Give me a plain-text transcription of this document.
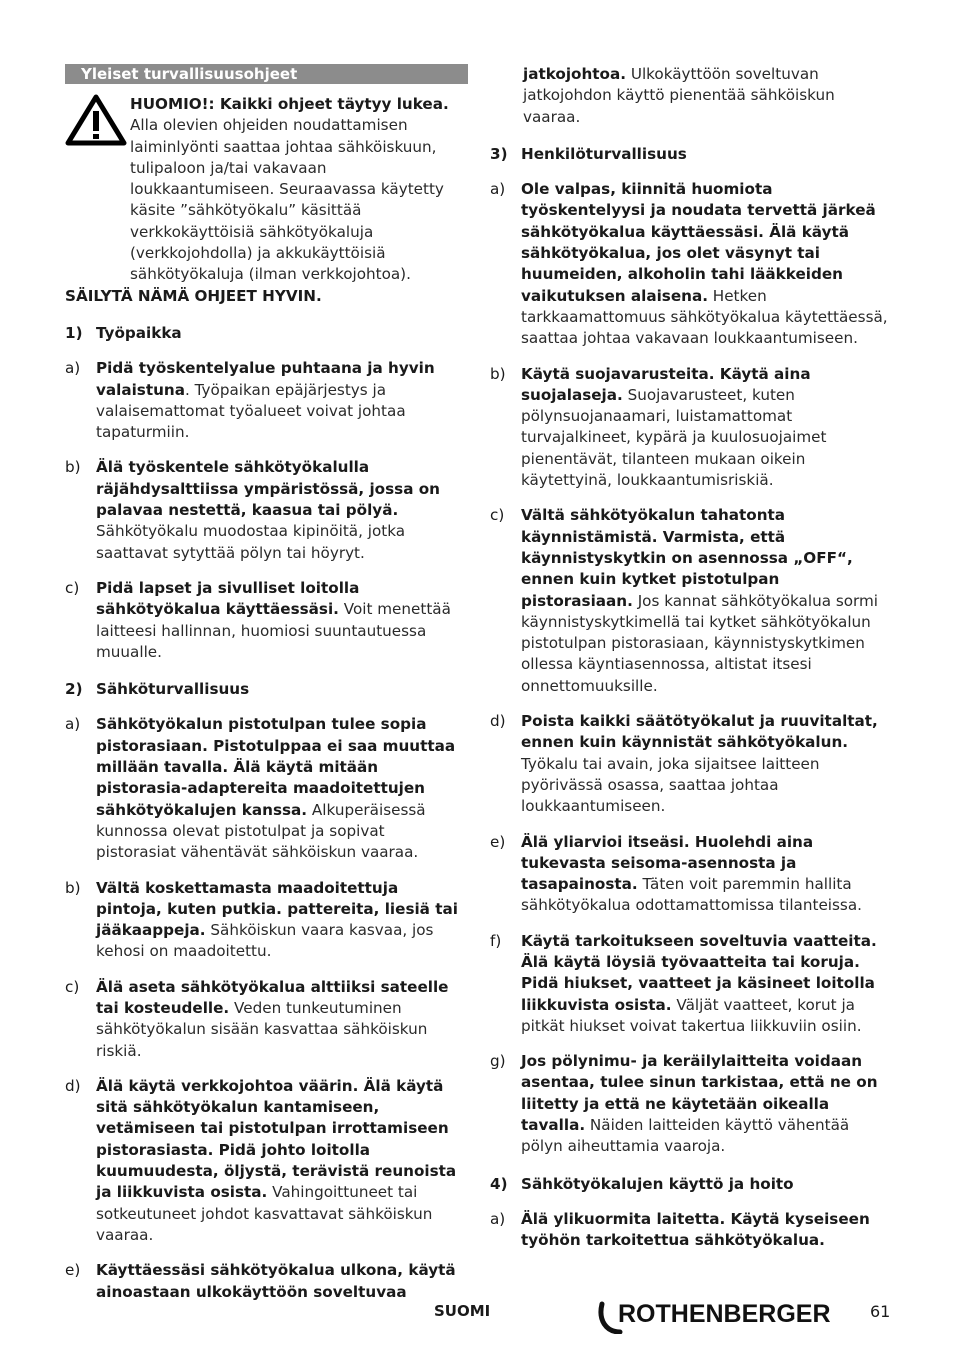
Yleiset turvallisuusohjeet
HUOMIO!: Kaikki ohjeet täytyy lukea. Alla olevien ohjeiden noudattamisen laiminlyönti saattaa johtaa sähköiskuun, tulipaloon ja/tai vakavaan loukkaantumiseen. Seuraavassa käytetty käsite ”sähkötyökalu” käsittää verkkokäyttöisiä sähkötyökaluja (verkkojohdolla) ja akkukäyttöisiä sähkötyökaluja (ilman verkkojohtoa).

SÄILYTÄ NÄMÄ OHJEET HYVIN.

1) Työpaikka
a)	Pidä työskentelyalue puhtaana ja hyvin valaistuna. Työpaikan epäjärjestys ja valaisemattomat työalueet voivat johtaa tapaturmiin.
b)	Älä työskentele sähkötyökalulla räjähdysalttiissa ympäristössä, jossa on palavaa nestettä, kaasua tai pölyä. Sähkötyökalu muodostaa kipinöitä, jotka saattavat sytyttää pölyn tai höyryt.
c)	Pidä lapset ja sivulliset loitolla sähkötyökalua käyttäessäsi. Voit menettää laitteesi hallinnan, huomiosi suuntautuessa muualle.
2) Sähköturvallisuus
a)	Sähkötyökalun pistotulpan tulee sopia pistorasiaan. Pistotulppaa ei saa muuttaa millään tavalla. Älä käytä mitään pistorasia-adaptereita maadoitettujen sähkötyökalujen kanssa. Alkuperäisessä kunnossa olevat pistotulpat ja sopivat pistorasiat vähentävät sähköiskun vaaraa.
b)	Vältä koskettamasta maadoitettuja pintoja, kuten putkia. pattereita, liesiä tai jääkaappeja. Sähköiskun vaara kasvaa, jos kehosi on maadoitettu.
c)	Älä aseta sähkötyökalua alttiiksi sateelle tai kosteudelle. Veden tunkeutuminen sähkötyökalun sisään kasvattaa sähköiskun riskiä.
d)	Älä käytä verkkojohtoa väärin. Älä käytä sitä sähkötyökalun kantamiseen, vetämiseen tai pistotulpan irrottamiseen pistorasiasta. Pidä johto loitolla kuumuudesta, öljystä, terävistä reunoista ja liikkuvista osista. Vahingoittuneet tai sotkeutuneet johdot kasvattavat sähköiskun vaaraa.
e)	Käyttäessäsi sähkötyökalua ulkona, käytä ainoastaan ulkokäyttöön soveltuvaa
jatkojohtoa. Ulkokäyttöön soveltuvan jatkojohdon käyttö pienentää sähköiskun vaaraa.
3) Henkilöturvallisuus
a)	Ole valpas, kiinnitä huomiota työskentelyysi ja noudata tervettä järkeä sähkötyökalua käyttäessäsi. Älä käytä sähkötyökalua, jos olet väsynyt tai huumeiden, alkoholin tahi lääkkeiden vaikutuksen alaisena. Hetken tarkkaamattomuus sähkötyökalua käytettäessä, saattaa johtaa vakavaan loukkaantumiseen.
b)	Käytä suojavarusteita. Käytä aina suojalaseja. Suojavarusteet, kuten pölynsuojanaamari, luistamattomat turvajalkineet, kypärä ja kuulosuojaimet pienentävät, tilanteen mukaan oikein käytettyinä, loukkaantumisriskiä.
c)	Vältä sähkötyökalun tahatonta käynnistämistä. Varmista, että käynnistyskytkin on asennossa „OFF“, ennen kuin kytket pistotulpan pistorasiaan. Jos kannat sähkötyökalua sormi käynnistyskytkimellä tai kytket sähkötyökalun pistotulpan pistorasiaan, käynnistyskytkimen ollessa käyntiasennossa, altistat itsesi onnettomuuksille.
d)	Poista kaikki säätötyökalut ja ruuvitaltat, ennen kuin käynnistät sähkötyökalun. Työkalu tai avain, joka sijaitsee laitteen pyörivässä osassa, saattaa johtaa loukkaantumiseen.
e)	Älä yliarvioi itseäsi. Huolehdi aina tukevasta seisoma-asennosta ja tasapainosta. Täten voit paremmin hallita sähkötyökalua odottamattomissa tilanteissa.
f)	Käytä tarkoitukseen soveltuvia vaatteita. Älä käytä löysiä työvaatteita tai koruja. Pidä hiukset, vaatteet ja käsineet loitolla liikkuvista osista. Väljät vaatteet, korut ja pitkät hiukset voivat takertua liikkuviin osiin.
g)	Jos pölynimu- ja keräilylaitteita voidaan asentaa, tulee sinun tarkistaa, että ne on liitetty ja että ne käytetään oikealla tavalla. Näiden laitteiden käyttö vähentää pölyn aiheuttamia vaaroja.
4) Sähkötyökalujen käyttö ja hoito
a)	Älä ylikuormita laitetta. Käytä kyseiseen työhön tarkoitettua sähkötyökalua.
SUOMI	ROTHENBERGER 61
